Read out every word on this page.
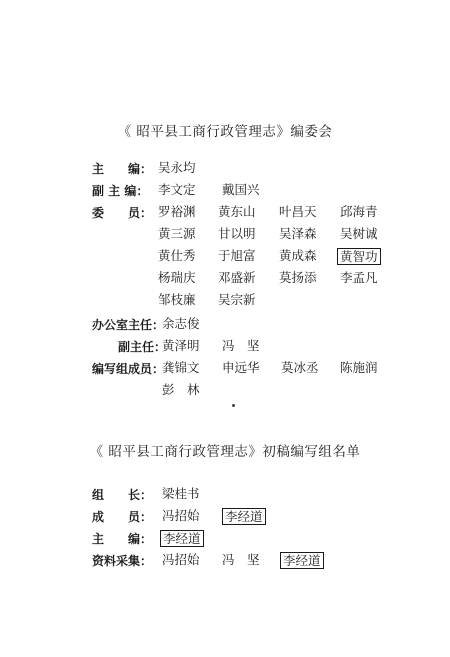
《 昭平县工商行政管理志》编委会
主　　编： 吴永均
副 主 编： 李文定 戴国兴
委　　员： 罗裕渊 黄东山 叶昌天 邱海青
黄三源 甘以明 吴泽森 吴树诚
黄仕秀 于旭富 黄成森 黄智功
杨瑞庆 邓盛新 莫扬添 李孟凡
邹枝廉 吴宗新
办公室主任：
余志俊
副主任：
黄泽明 冯　坚
编写组成员：
龚锦文 申远华 莫冰丞 陈施润
彭　林
《 昭平县工商行政管理志》初稿编写组名单
组　　长： 梁桂书
成　　员： 冯招始 李经道
主　　编： 李经道
资料采集： 冯招始 冯　坚 李经道
